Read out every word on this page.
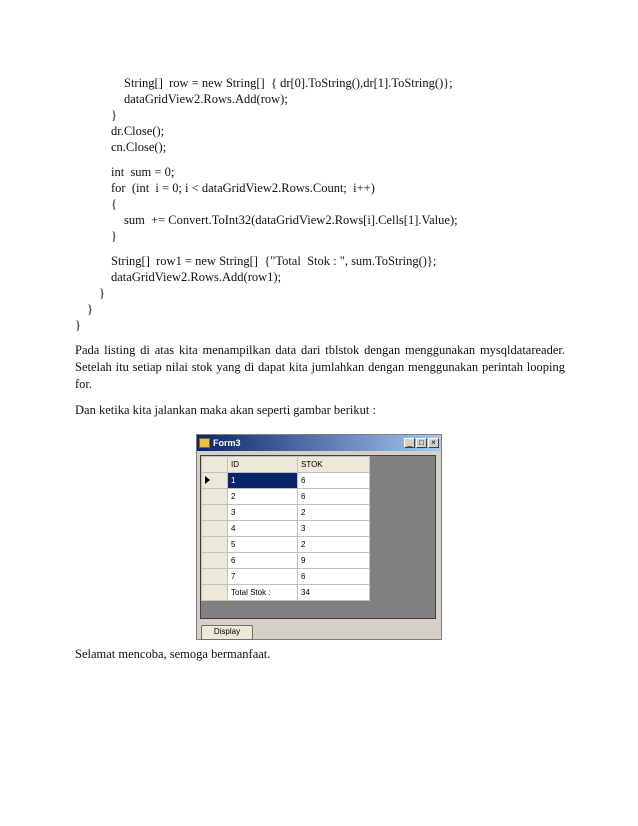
String[]  row = new String[]  { dr[0].ToString(),dr[1].ToString()};
dataGridView2.Rows.Add(row);
}
dr.Close();
cn.Close();
int  sum = 0;
for  (int  i = 0; i < dataGridView2.Rows.Count;  i++)
{
sum  += Convert.ToInt32(dataGridView2.Rows[i].Cells[1].Value);
}
String[]  row1 = new String[]  {"Total  Stok : ", sum.ToString()};
dataGridView2.Rows.Add(row1);
}
}
}
Pada listing di atas kita menampilkan data dari tblstok dengan menggunakan mysqldatareader. Setelah itu setiap nilai stok yang di dapat kita jumlahkan dengan menggunakan perintah looping for.
Dan ketika kita jalankan maka akan seperti gambar berikut :
Form3	_ □ ×
	ID	STOK
	1	6
	2	6
	3	2
	4	3
	5	2
	6	9
	7	6
	Total Stok :	34
Display
Selamat mencoba, semoga bermanfaat.
